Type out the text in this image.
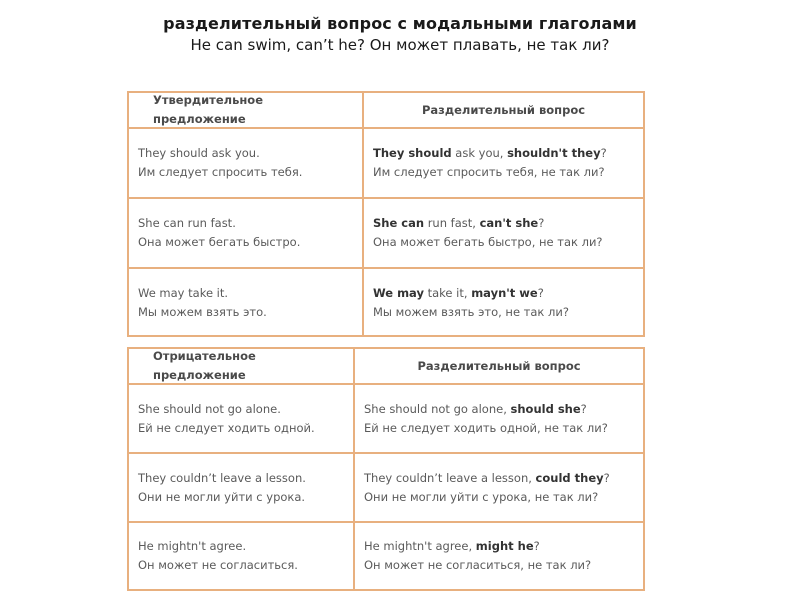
разделительный вопрос с модальными глаголами
He can swim, can’t he? Он может плавать, не так ли?
Утвердительное предложение
Разделительный вопрос
They should ask you.
Им следует спросить тебя.
They should ask you, shouldn't they?
Им следует спросить тебя, не так ли?
She can run fast.
Она может бегать быстро.
She can run fast, can't she?
Она может бегать быстро, не так ли?
We may take it.
Мы можем взять это.
We may take it, mayn't we?
Мы можем взять это, не так ли?
Отрицательное предложение
Разделительный вопрос
She should not go alone.
Ей не следует ходить одной.
She should not go alone, should she?
Ей не следует ходить одной, не так ли?
They couldn’t leave a lesson.
Они не могли уйти с урока.
They couldn’t leave a lesson, could they?
Они не могли уйти с урока, не так ли?
He mightn't agree.
Он может не согласиться.
He mightn't agree, might he?
Он может не согласиться, не так ли?
